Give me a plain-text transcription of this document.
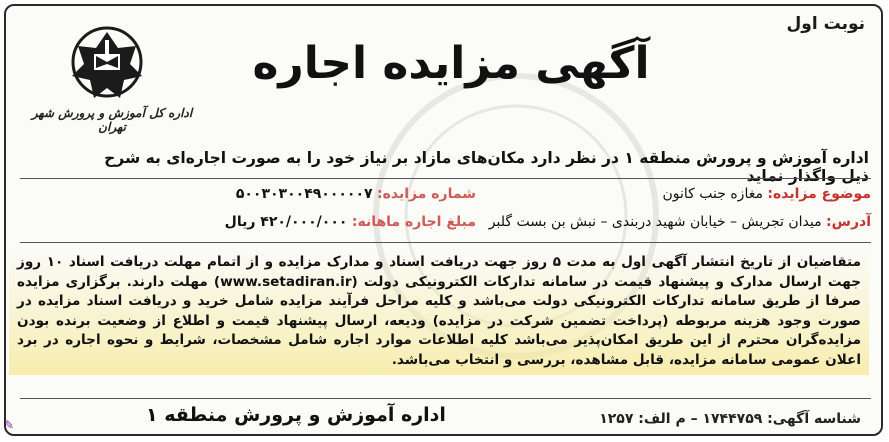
نوبت اول
آگهی مزایده اجاره
اداره کل آموزش و پرورش شهر تهران
اداره آموزش و پرورش منطقه ۱ در نظر دارد مکان‌های مازاد بر نیاز خود را به صورت اجاره‌ای به شرح ذیل واگذار نماید
موضوع مزایده: مغازه جنب کانون
شماره مزایده: ۵۰۰۳۰۳۰۰۴۹۰۰۰۰۰۷
آدرس: میدان تجریش – خیابان شهید دربندی – نبش بن بست گلبر
مبلغ اجاره ماهانه: ۴۲۰/۰۰۰/۰۰۰ ریال
متقاضیان از تاریخ انتشار آگهی اول به مدت ۵ روز جهت دریافت اسناد و مدارک مزایده و از اتمام مهلت دریافت اسناد ۱۰ روز جهت ارسال مدارک و پیشنهاد قیمت در سامانه تدارکات الکترونیکی دولت (www.setadiran.ir) مهلت دارند. برگزاری مزایده صرفا از طریق سامانه تدارکات الکترونیکی دولت می‌باشد و کلیه مراحل فرآیند مزایده شامل خرید و دریافت اسناد مزایده در صورت وجود هزینه مربوطه (پرداخت تضمین شرکت در مزایده) ودیعه، ارسال پیشنهاد قیمت و اطلاع از وضعیت برنده بودن مزایده‌گران محترم از این طریق امکان‌پذیر می‌باشد کلیه اطلاعات موارد اجاره شامل مشخصات، شرایط و نحوه اجاره در برد اعلان عمومی سامانه مزایده، قابل مشاهده، بررسی و انتخاب می‌باشد.
اداره آموزش و پرورش منطقه ۱	شناسه آگهی: ۱۷۴۴۷۵۹ – م الف: ۱۲۵۷
✎
